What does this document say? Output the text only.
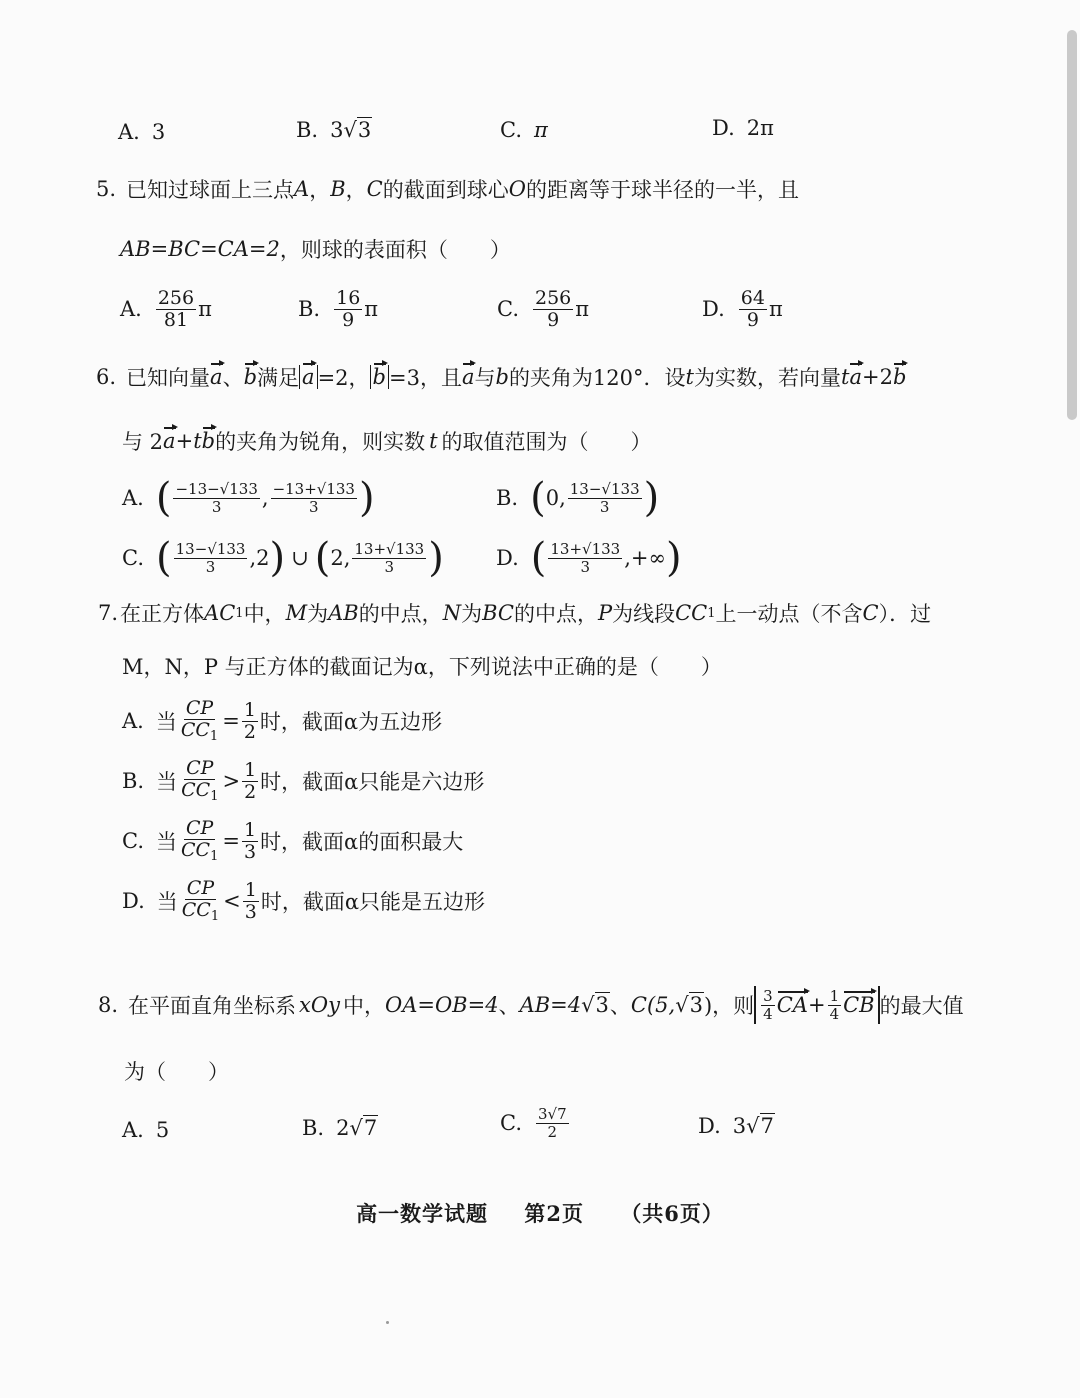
A. 3	B. 3 √3	C. π	D. 2π
5. 已知过球面上三点 A ， B ， C 的截面到球心 O 的距离等于球半径的一半，且
AB=BC=CA=2 ，则球的表面积（　　）
A. $\frac{256}{81}$ π	B. $\frac{16}{9}$ π	C. $\frac{256}{9}$ π	D. $\frac{64}{9}$ π
6. 已知向量 a 、 b 满足 a =2， b =3，且 a 与 b 的夹角为120°．设 t 为实数，若向量 t a +2 b
与 2 a + t b 的夹角为锐角，则实数 t 的取值范围为（　　）
A. ( $\frac{-13-√133}{3}$ , $\frac{-13+√133}{3}$ )	B. ( 0, $\frac{13-√133}{3}$ )
C. ( $\frac{13-√133}{3} ,2$ ) ∪ ( 2, $\frac{13+√133}{3}$ ) D. ( $\frac{13+√133}{3}$ ,+∞ )
7. 在正方体 AC 1 中， M 为 AB 的中点， N 为 BC 的中点， P 为线段 CC 1 上一动点（不含 C ）．过
M，N，P 与正方体的截面记为α，下列说法中正确的是（　　）
A. 当 $\frac{CP}{CC_1} = \frac{1}{2}$ 时，截面α为五边形
B. 当 $\frac{CP}{CC_1} > \frac{1}{2}$ 时，截面α只能是六边形
C. 当 $\frac{CP}{CC_1} = \frac{1}{3}$ 时，截面α的面积最大
D. 当 $\frac{CP}{CC_1} < \frac{1}{3}$ 时，截面α只能是五边形
8. 在平面直角坐标系 xOy 中， OA=OB=4 、 AB=4 √3 、 C(5, √3 )，则 $\frac{3}{4}$ CA + $\frac{1}{4}$ CB 的最大值
为（　　）
A. 5	B. 2 √7	C. $\frac{3√7}{2}$	D. 3 √7
高一数学试题 第2页 （共6页）
